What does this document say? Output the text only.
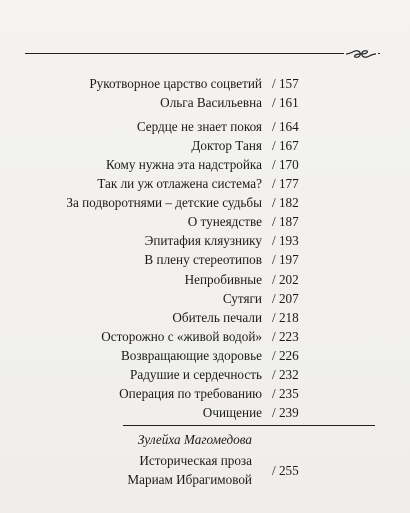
Рукотворное царство соцветий / 157
Ольга Васильевна / 161
Сердце не знает покоя / 164
Доктор Таня / 167
Кому нужна эта надстройка / 170
Так ли уж отлажена система? / 177
За подворотнями – детские судьбы / 182
О тунеядстве / 187
Эпитафия кляузнику / 193
В плену стереотипов / 197
Непробивные / 202
Сутяги / 207
Обитель печали / 218
Осторожно с «живой водой» / 223
Возвращающие здоровье / 226
Радушие и сердечность / 232
Операция по требованию / 235
Очищение / 239
Зулейха Магомедова
Историческая проза
Мариам Ибрагимовой
/ 255
